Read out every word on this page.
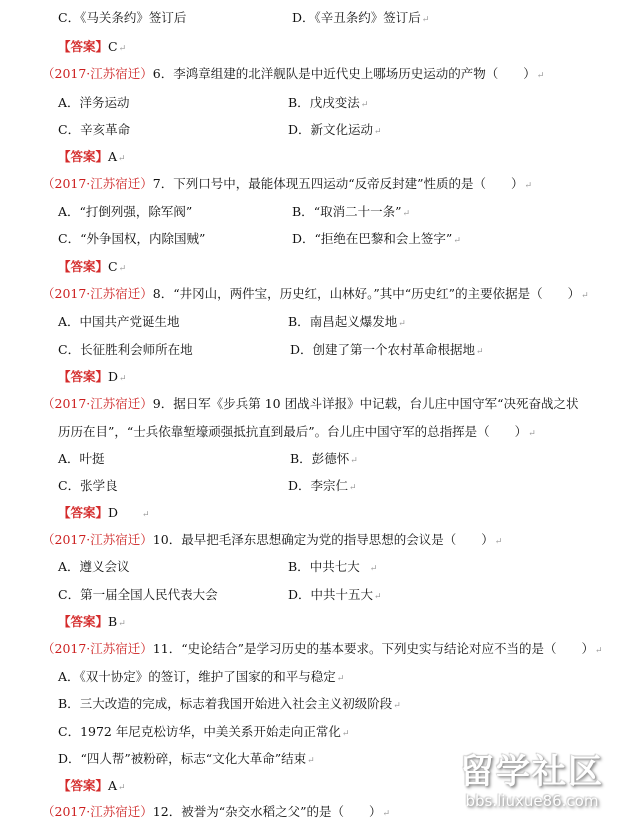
C．《马关条约》签订后	D．《辛丑条约》签订后↵
【答案】C↵
（2017·江苏宿迁）6．李鸿章组建的北洋舰队是中近代史上哪场历史运动的产物（　　）↵
A．洋务运动	B．戊戌变法↵
C．辛亥革命	D．新文化运动↵
【答案】A↵
（2017·江苏宿迁）7．下列口号中，最能体现五四运动“反帝反封建”性质的是（　　）↵
A．“打倒列强，除军阀”	B．“取消二十一条”↵
C．“外争国权，内除国贼”	D．“拒绝在巴黎和会上签字”↵
【答案】C↵
（2017·江苏宿迁）8．“井冈山，两件宝，历史红，山林好。”其中“历史红”的主要依据是（　　）↵
A．中国共产党诞生地	B．南昌起义爆发地↵
C．长征胜利会师所在地	D．创建了第一个农村革命根据地↵
【答案】D↵
（2017·江苏宿迁）9．据日军《步兵第 10 团战斗详报》中记载，台儿庄中国守军“决死奋战之状
历历在目”，“士兵依靠堑壕顽强抵抗直到最后”。台儿庄中国守军的总指挥是（　　）↵
A．叶挺	B．彭德怀↵
C．张学良	D．李宗仁↵
【答案】D	↵
（2017·江苏宿迁）10．最早把毛泽东思想确定为党的指导思想的会议是（　　）↵
A．遵义会议	B．中共七大 ↵
C．第一届全国人民代表大会	D．中共十五大↵
【答案】B↵
（2017·江苏宿迁）11．“史论结合”是学习历史的基本要求。下列史实与结论对应不当的是（　　）↵
A．《双十协定》的签订，维护了国家的和平与稳定↵
B．三大改造的完成，标志着我国开始进入社会主义初级阶段↵
C．1972 年尼克松访华，中美关系开始走向正常化↵
D．“四人帮”被粉碎，标志“文化大革命”结束↵
【答案】A↵
（2017·江苏宿迁）12．被誉为“杂交水稻之父”的是（　　）↵
留学社区
bbs.liuxue86.com
